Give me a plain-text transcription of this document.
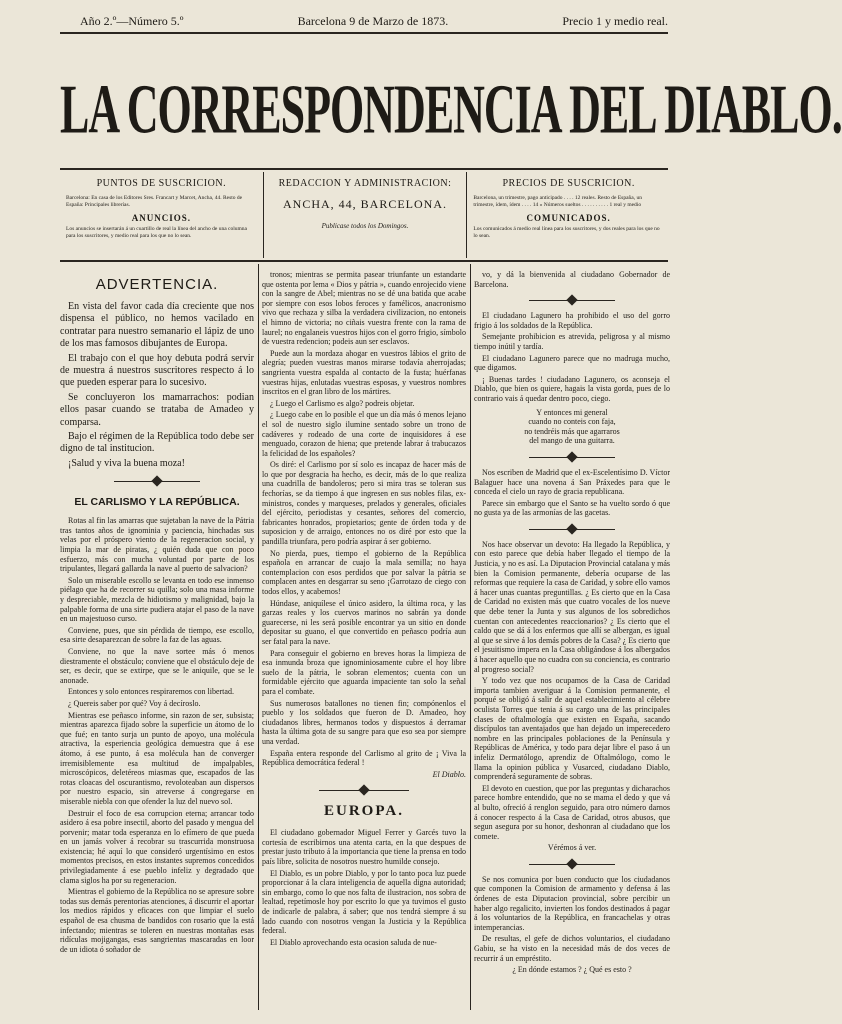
Año 2.º—Número 5.º	Barcelona 9 de Marzo de 1873.	Precio 1 y medio real.
LA CORRESPONDENCIA DEL DIABLO.
PUNTOS DE SUSCRICION.
Barcelona: En casa de los Editores Sres. Francart y Marcet, Ancha, 44. Resto de España: Principales librerías.
ANUNCIOS.
Los anuncios se insertarán á un cuartillo de real la línea del ancho de una columna para los suscritores, y medio real para los que no lo sean.
REDACCION Y ADMINISTRACION:
ANCHA, 44, BARCELONA.
Publicase todos los Domingos.
PRECIOS DE SUSCRICION.
Barcelona, un trimestre, pago anticipado . . . . 12 reales. Resto de España, un trimestre, ídem, ídem . . . . 14 » Números sueltos . . . . . . . . . . 1 real y medio
COMUNICADOS.
Los comunicados á medio real línea para los suscritores, y dos reales para los que no lo sean.
ADVERTENCIA.

En vista del favor cada día creciente que nos dispensa el público, no hemos vacilado en contratar para nuestro semanario el lápiz de uno de los mas famosos dibujantes de Europa.

El trabajo con el que hoy debuta podrá servir de muestra á nuestros suscritores respecto á lo que pueden esperar para lo sucesivo.

Se concluyeron los mamarrachos: podian ellos pasar cuando se trataba de Amadeo y comparsa.

Bajo el régimen de la República todo debe ser digno de tal institucion.

¡Salud y viva la buena moza!

EL CARLISMO Y LA REPÚBLICA.

Rotas al fin las amarras que sujetaban la nave de la Pátria tras tantos años de ignominia y paciencia, hinchadas sus velas por el próspero viento de la regeneracion social, y limpia la mar de piratas, ¿ quién duda que con poco esfuerzo, más con mucha voluntad por parte de los tripulantes, llegará gallarda la nave al puerto de salvacion?

Solo un miserable escollo se levanta en todo ese inmenso piélago que ha de recorrer su quilla; solo una masa informe y despreciable, mezcla de hidiotismo y malignidad, bajo la palpable forma de una sirte pudiera atajar el paso de la nave en un majestuoso curso.

Conviene, pues, que sin pérdida de tiempo, ese escollo, esa sirte desaparezcan de sobre la faz de las aguas.

Conviene, no que la nave sortee más ó menos diestramente el obstáculo; conviene que el obstáculo deje de ser, es decir, que se extirpe, que se le aniquile, que se le anonade.

Entonces y solo entonces respiraremos con libertad.

¿ Quereis saber por qué? Voy á decíroslo.

Mientras ese peñasco informe, sin razon de ser, subsista; mientras aparezca fijado sobre la superficie un átomo de lo que fué; en tanto surja un punto de apoyo, una molécula atractiva, la esperiencia geológica demuestra que á ese átomo, á ese punto, á esa molécula han de converger irremisiblemente esa multitud de ímpalpables, microscópicos, deletéreos miasmas que, escapados de las rotas cloacas del oscurantismo, revoloteaban aun dispersos por nuestro espacio, sin atreverse á congregarse en miserable niebla con que ofender la luz del nuevo sol.

Destruir el foco de esa corrupcion eterna; arrancar todo asidero á esa pobre insectil, aborto del pasado y mengua del porvenir; matar toda esperanza en lo efímero de que pueda en un jamás volver á recobrar su trascurrida monstruosa existencia; hé aquí lo que consideró urgentísimo en estos momentos precisos, en estos instantes supremos concedidos privilegiadamente á ese pueblo infeliz y degradado que clama siglos ha por su regeneracion.

Mientras el gobierno de la República no se apresure sobre todas sus demás perentorias atenciones, á discurrir el aportar los medios rápidos y eficaces con que limpiar el suelo español de esa chusma de bandidos con rosario que la está infectando; mientras se toleren en nuestras montañas esas ridículas mojigangas, esas sangrientas mascaradas en loor de un idiota ó soñador de

tronos; mientras se permita pasear triunfante un estandarte que ostenta por lema « Dios y pátria », cuando enrojecido viene con la sangre de Abel; mientras no se dé una batida que acabe por siempre con esos lobos feroces y famélicos, anacronismo vivo que rechaza y silba la verdadera civilizacion, no entoneis el himno de victoria; no ciñais vuestra frente con la rama de laurel; no engalaneis vuestros hijos con el gorro frigio, símbolo de vuestra redencion; podeis aun ser esclavos.

Puede aun la mordaza ahogar en vuestros lábios el grito de alegría; pueden vuestras manos mirarse todavía aherrojadas; sangrienta vuestra espalda al contacto de la fusta; huérfanas vuestras hijas, enlutadas vuestras esposas, y vuestros nombres inscritos en el gran libro de los mártires.

¿ Luego el Carlismo es algo? podreis objetar.

¿ Luego cabe en lo posible el que un día más ó menos lejano el sol de nuestro siglo ilumine sentado sobre un trono de cadáveres y rodeado de una corte de inquisidores á ese menguado, corazon de hiena; que pretende labrar á trabucazos la felicidad de los españoles?

Os diré: el Carlismo por sí solo es incapaz de hacer más de lo que por desgracia ha hecho, es decir, más de lo que realiza una cuadrilla de bandoleros; pero si mira tras se toleran sus fechorías, se da tiempo á que ingresen en sus nobles filas, ex-ministros, condes y marqueses, prelados y generales, oficiales del ejército, periodistas y cesantes, señores del comercio, fabricantes honrados, propietarios; gente de órden toda y de suposicion y de arraigo, entonces no os diré por esto que la pandilla triunfara, pero podría aspirar á ser gobierno.

No pierda, pues, tiempo el gobierno de la República española en arrancar de cuajo la mala semilla; no haya contemplacion con esos perdidos que por salvar la pátria se complacen antes en desgarrar su seno ¡Garrotazo de ciego con todos ellos, y acabemos!

Húndase, aniquílese el único asidero, la última roca, y las garzas reales y los cuervos marinos no sabrán ya donde guarecerse, ni les será posible encontrar ya un sitio en donde depositar su guano, el que convertido en peñasco podría aun ser fatal para la nave.

Para conseguir el gobierno en breves horas la limpieza de esa inmunda broza que ignominiosamente cubre el hoy libre suelo de la pátria, le sobran elementos; cuenta con un formidable ejército que aguarda impaciente tan solo la señal para el combate.

Sus numerosos batallones no tienen fin; compónenlos el pueblo y los soldados que fueron de D. Amadeo, hoy ciudadanos libres, hermanos todos y dispuestos á derramar hasta la última gota de su sangre para que eso sea por siempre una verdad.

España entera responde del Carlismo al grito de ¡ Viva la República democrática federal !

El Diablo.

EUROPA.

El ciudadano gobernador Miguel Ferrer y Garcés tuvo la cortesía de escribirnos una atenta carta, en la que despues de prestar justo tributo á la importancia que tiene la prensa en todo país libre, solicita de nosotros nuestro humilde consejo.

El Diablo, es un pobre Diablo, y por lo tanto poca luz puede proporcionar á la clara inteligencia de aquella digna autoridad; sin embargo, como lo que nos falta de ilustracion, nos sobra de lealtad, repetímosle hoy por escrito lo que ya tuvimos el gusto de indicarle de palabra, á saber; que nos tendrá siempre á su lado cuando con nosotros vengan la Justicia y la República federal.

El Diablo aprovechando esta ocasion saluda de nue-

vo, y dá la bienvenida al ciudadano Gobernador de Barcelona.

El ciudadano Lagunero ha prohibido el uso del gorro frigio á los soldados de la República.

Semejante prohibicion es atrevida, peligrosa y al mismo tiempo inútil y tardía.

El ciudadano Lagunero parece que no madruga mucho, que digamos.

¡ Buenas tardes ! ciudadano Lagunero, os aconseja el Diablo, que bien os quiere, hagais la vista gorda, pues de lo contrario vais á quedar dentro poco, ciego.

Y entonces mi general
cuando no conteis con faja,
no tendréis más que agarraros
del mango de una guitarra.

Nos escriben de Madrid que el ex-Escelentísimo D. Víctor Balaguer hace una novena á San Práxedes para que le conceda el cielo un rayo de gracia republicana.

Parece sin embargo que el Santo se ha vuelto sordo ó que no gusta ya de las armonías de las gacetas.

Nos hace observar un devoto: Ha llegado la República, y con esto parece que debía haber llegado el tiempo de la Justicia, y no es así. La Diputacion Provincial catalana y más bien la Comision permanente, debería ocuparse de las reformas que requiere la casa de Caridad, y sobre ello vamos á hacer unas cuantas preguntillas. ¿ Es cierto que en la Casa de Caridad no existen más que cuatro vocales de los nueve que debe tener la Junta y sus algunos de los sobredichos cuentan con antecedentes reaccionarios? ¿ Es cierto que el caldo que se dá á los enfermos que allí se albergan, es igual al que se sirve á los demás pobres de la Casa? ¿ Es cierto que el jesuitismo impera en la Casa obligándose á los albergados á hacer aquello que no cuadra con su conciencia, es contrario al progreso social?

Y todo vez que nos ocupamos de la Casa de Caridad importa tambien averiguar á la Comision permanente, el porqué se obligó á salir de aquel establecimiento al célebre oculista Torres que tenia á su cargo una de las principales clases de oftalmología que existen en España, sacando discípulos tan aventajados que han dejado un imperecedero nombre en las principales poblaciones de la Península y Repúblicas de América, y todo para dejar libre el paso á un infeliz Dermatólogo, aprendiz de Oftalmólogo, como le llama la opinion pública y Vusarced, ciudadano Diablo, comprenderá seguramente de sobras.

El devoto en cuestion, que por las preguntas y dicharachos parece hombre entendido, que no se mama el dedo y que vá al bulto, ofreció á renglon seguido, para otro número darnos á conocer respecto á la Casa de Caridad, otros abusos, que segun asegura por su honor, deshonran al ciudadano que los comete.

Vérémos á ver.

Se nos comunica por buen conducto que los ciudadanos que componen la Comision de armamento y defensa á las órdenes de esta Diputacion provincial, sobre percibir un haber algo regalicito, invierten los fondos destinados á pagar á los voluntarios de la República, en francachelas y otras intemperancias.

De resultas, el gefe de dichos voluntarios, el ciudadano Gabiu, se ha visto en la necesidad más de dos veces de recurrir á un empréstito.

¿ En dónde estamos ? ¿ Qué es esto ?
